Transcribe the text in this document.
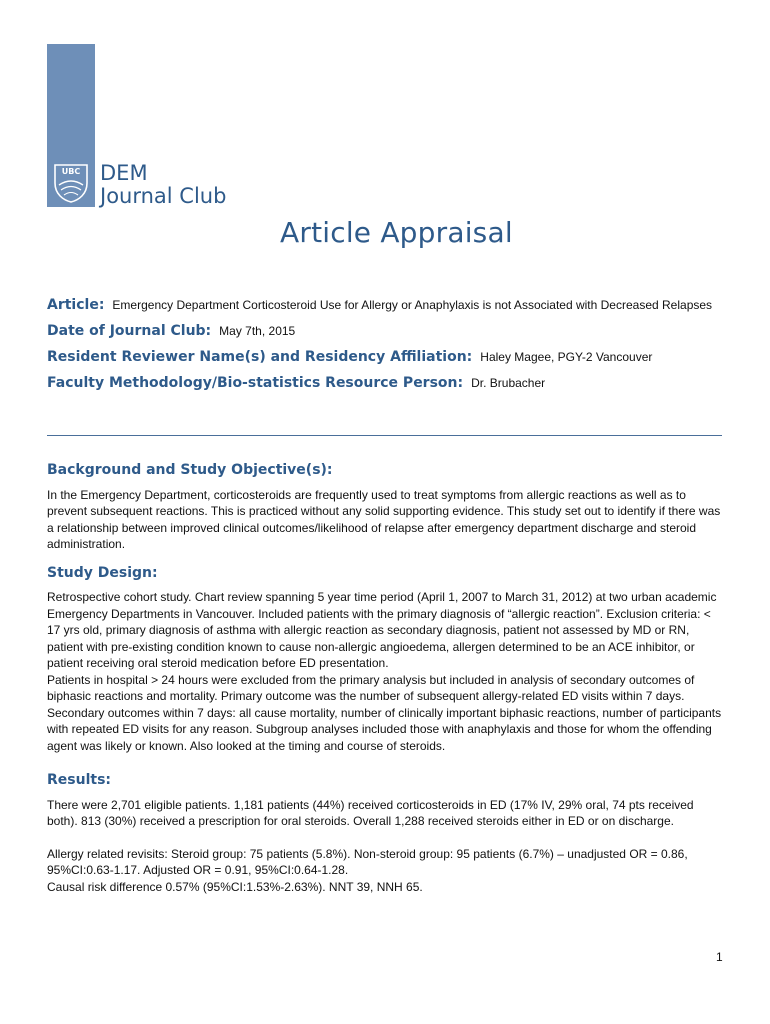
UBC DEM
Journal Club
Article Appraisal
Article: Emergency Department Corticosteroid Use for Allergy or Anaphylaxis is not Associated with Decreased Relapses
Date of Journal Club: May 7th, 2015
Resident Reviewer Name(s) and Residency Affiliation: Haley Magee, PGY-2 Vancouver
Faculty Methodology/Bio-statistics Resource Person: Dr. Brubacher
Background and Study Objective(s):

In the Emergency Department, corticosteroids are frequently used to treat symptoms from allergic reactions as well as to prevent subsequent reactions. This is practiced without any solid supporting evidence. This study set out to identify if there was a relationship between improved clinical outcomes/likelihood of relapse after emergency department discharge and steroid administration.

Study Design:

Retrospective cohort study. Chart review spanning 5 year time period (April 1, 2007 to March 31, 2012) at two urban academic Emergency Departments in Vancouver. Included patients with the primary diagnosis of “allergic reaction”. Exclusion criteria: < 17 yrs old, primary diagnosis of asthma with allergic reaction as secondary diagnosis, patient not assessed by MD or RN, patient with pre-existing condition known to cause non-allergic angioedema, allergen determined to be an ACE inhibitor, or patient receiving oral steroid medication before ED presentation.

Patients in hospital > 24 hours were excluded from the primary analysis but included in analysis of secondary outcomes of biphasic reactions and mortality. Primary outcome was the number of subsequent allergy-related ED visits within 7 days. Secondary outcomes within 7 days: all cause mortality, number of clinically important biphasic reactions, number of participants with repeated ED visits for any reason. Subgroup analyses included those with anaphylaxis and those for whom the offending agent was likely or known. Also looked at the timing and course of steroids.

Results:

There were 2,701 eligible patients. 1,181 patients (44%) received corticosteroids in ED (17% IV, 29% oral, 74 pts received both). 813 (30%) received a prescription for oral steroids. Overall 1,288 received steroids either in ED or on discharge.

Allergy related revisits: Steroid group: 75 patients (5.8%). Non-steroid group: 95 patients (6.7%) – unadjusted OR = 0.86, 95%CI:0.63-1.17. Adjusted OR = 0.91, 95%CI:0.64-1.28.

Causal risk difference 0.57% (95%CI:1.53%-2.63%). NNT 39, NNH 65.

1
